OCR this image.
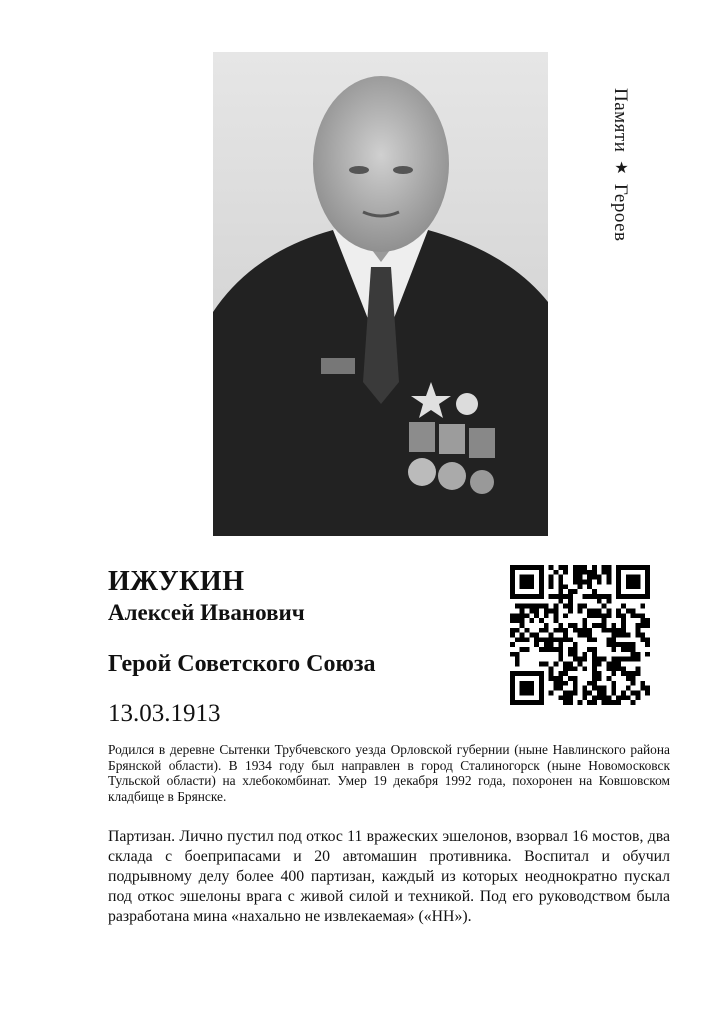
Памяти★Героев
ИЖУКИН
Алексей Иванович
Герой Советского Союза
13.03.1913

Родился в деревне Сытенки Трубчевского уезда Орловской губернии (ныне Навлинского района Брянской области). В 1934 году был направлен в город Сталиногорск (ныне Новомосковск Тульской области) на хлебокомбинат. Умер 19 декабря 1992 года, похоронен на Ковшовском кладбище в Брянске.

Партизан. Лично пустил под откос 11 вражеских эшелонов, взорвал 16 мостов, два склада с боеприпасами и 20 автомашин противника. Воспитал и обучил подрывному делу более 400 партизан, каждый из которых неоднократно пускал под откос эшелоны врага с живой силой и техникой. Под его руководством была разработана мина «нахально не извлекаемая» («НН»).
